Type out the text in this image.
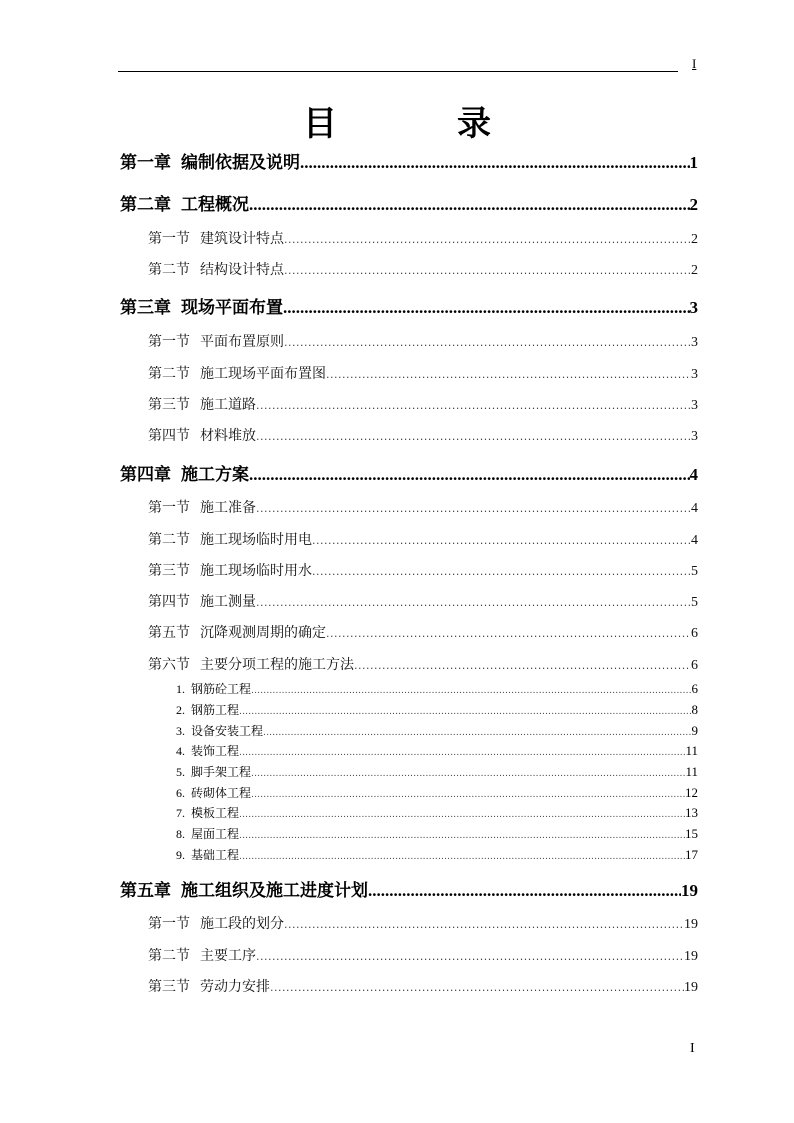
I
目	录
第一章 编制依据及说明 .....	1
第二章 工程概况 .....	2
第一节 建筑设计特点 .....	2
第二节 结构设计特点 .....	2
第三章 现场平面布置 .....	3
第一节 平面布置原则 .....	3
第二节 施工现场平面布置图 .....	3
第三节 施工道路 .....	3
第四节 材料堆放 .....	3
第四章 施工方案 .....	4
第一节 施工准备 .....	4
第二节 施工现场临时用电 .....	4
第三节 施工现场临时用水 .....	5
第四节 施工测量 .....	5
第五节 沉降观测周期的确定 .....	6
第六节 主要分项工程的施工方法 .....	6
1. 钢筋砼工程 .....	6
2. 钢筋工程 .....	8
3. 设备安装工程 .....	9
4. 装饰工程 .....	11
5. 脚手架工程 .....	11
6. 砖砌体工程 .....	12
7. 模板工程 .....	13
8. 屋面工程 .....	15
9. 基础工程 .....	17
第五章 施工组织及施工进度计划 .....	19
第一节 施工段的划分 .....	19
第二节 主要工序 .....	19
第三节 劳动力安排 .....	19
I
